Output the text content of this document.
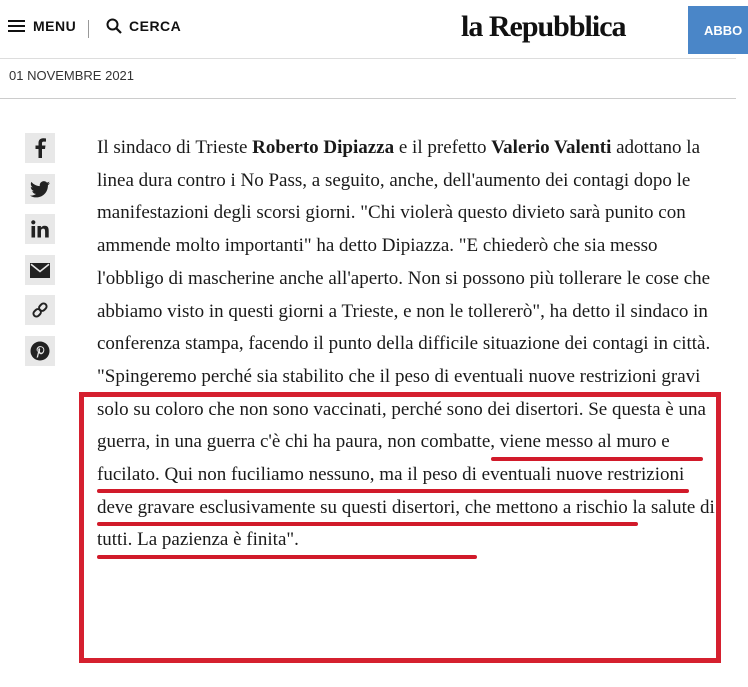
MENU	CERCA	la Repubblica	ABBO
01 NOVEMBRE 2021

Il sindaco di Trieste Roberto Dipiazza e il prefetto Valerio Valenti adottano la linea dura contro i No Pass, a seguito, anche, dell'aumento dei contagi dopo le manifestazioni degli scorsi giorni. "Chi violerà questo divieto sarà punito con ammende molto importanti" ha detto Dipiazza. "E chiederò che sia messo l'obbligo di mascherine anche all'aperto. Non si possono più tollerare le cose che abbiamo visto in questi giorni a Trieste, e non le tollererò", ha detto il sindaco in conferenza stampa, facendo il punto della difficile situazione dei contagi in città. "Spingeremo perché sia stabilito che il peso di eventuali nuove restrizioni gravi solo su coloro che non sono vaccinati, perché sono dei disertori. Se questa è una guerra, in una guerra c'è chi ha paura, non combatte, viene messo al muro e fucilato. Qui non fuciliamo nessuno, ma il peso di eventuali nuove restrizioni deve gravare esclusivamente su questi disertori, che mettono a rischio la salute di tutti. La pazienza è finita".
